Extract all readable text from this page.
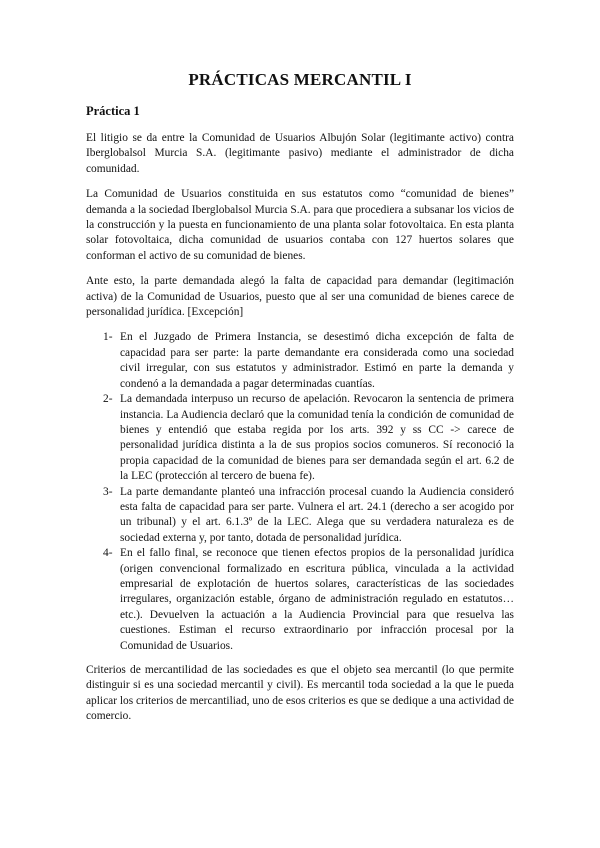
PRÁCTICAS MERCANTIL I
Práctica 1

El litigio se da entre la Comunidad de Usuarios Albujón Solar (legitimante activo) contra Iberglobalsol Murcia S.A. (legitimante pasivo) mediante el administrador de dicha comunidad.

La Comunidad de Usuarios constituida en sus estatutos como “comunidad de bienes” demanda a la sociedad Iberglobalsol Murcia S.A. para que procediera a subsanar los vicios de la construcción y la puesta en funcionamiento de una planta solar fotovoltaica. En esta planta solar fotovoltaica, dicha comunidad de usuarios contaba con 127 huertos solares que conforman el activo de su comunidad de bienes.

Ante esto, la parte demandada alegó la falta de capacidad para demandar (legitimación activa) de la Comunidad de Usuarios, puesto que al ser una comunidad de bienes carece de personalidad jurídica. [Excepción]

1- En el Juzgado de Primera Instancia, se desestimó dicha excepción de falta de capacidad para ser parte: la parte demandante era considerada como una sociedad civil irregular, con sus estatutos y administrador. Estimó en parte la demanda y condenó a la demandada a pagar determinadas cuantías.
2- La demandada interpuso un recurso de apelación. Revocaron la sentencia de primera instancia. La Audiencia declaró que la comunidad tenía la condición de comunidad de bienes y entendió que estaba regida por los arts. 392 y ss CC -> carece de personalidad jurídica distinta a la de sus propios socios comuneros. Sí reconoció la propia capacidad de la comunidad de bienes para ser demandada según el art. 6.2 de la LEC (protección al tercero de buena fe).
3- La parte demandante planteó una infracción procesal cuando la Audiencia consideró esta falta de capacidad para ser parte. Vulnera el art. 24.1 (derecho a ser acogido por un tribunal) y el art. 6.1.3º de la LEC. Alega que su verdadera naturaleza es de sociedad externa y, por tanto, dotada de personalidad jurídica.
4- En el fallo final, se reconoce que tienen efectos propios de la personalidad jurídica (origen convencional formalizado en escritura pública, vinculada a la actividad empresarial de explotación de huertos solares, características de las sociedades irregulares, organización estable, órgano de administración regulado en estatutos… etc.). Devuelven la actuación a la Audiencia Provincial para que resuelva las cuestiones. Estiman el recurso extraordinario por infracción procesal por la Comunidad de Usuarios.

Criterios de mercantilidad de las sociedades es que el objeto sea mercantil (lo que permite distinguir si es una sociedad mercantil y civil). Es mercantil toda sociedad a la que le pueda aplicar los criterios de mercantiliad, uno de esos criterios es que se dedique a una actividad de comercio.
